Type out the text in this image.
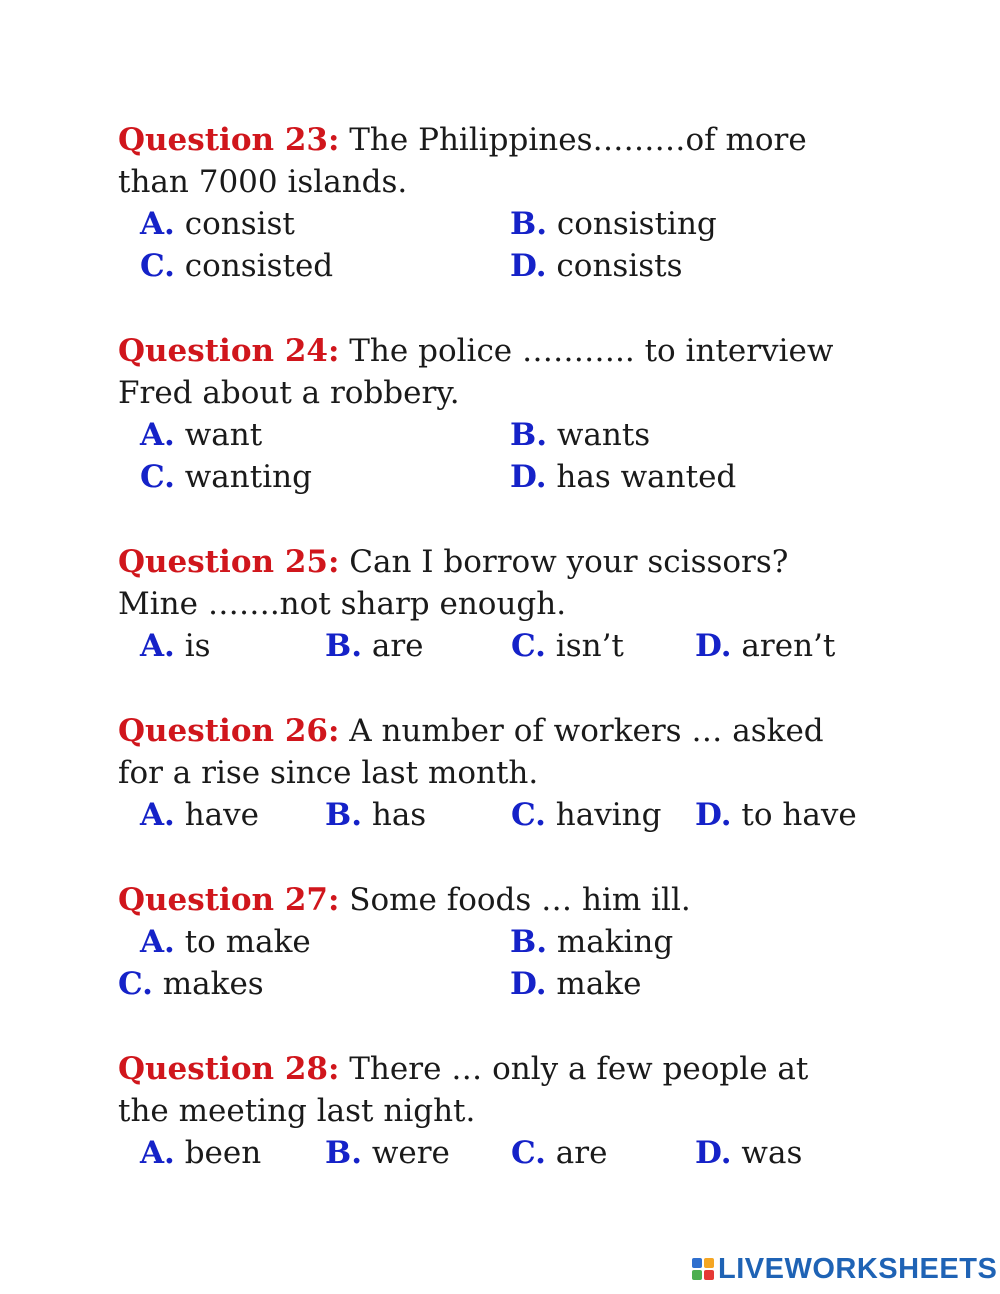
Question 23: The Philippines………of more

than 7000 islands.

A. consist	B. consisting
C. consisted	D. consists

Question 24: The police ……….. to interview

Fred about a robbery.

A. want	B. wants
C. wanting	D. has wanted

Question 25: Can I borrow your scissors?

Mine …….not sharp enough.

A. is	B. are	C. isn’t D. aren’t

Question 26: A number of workers … asked

for a rise since last month.

A. have B. has	C. having D. to have

Question 27: Some foods … him ill.

A. to make	B. making
C. makes	D. make

Question 28: There … only a few people at

the meeting last night.

A. been B. were C. are	D. was
LIVEWORKSHEETS
